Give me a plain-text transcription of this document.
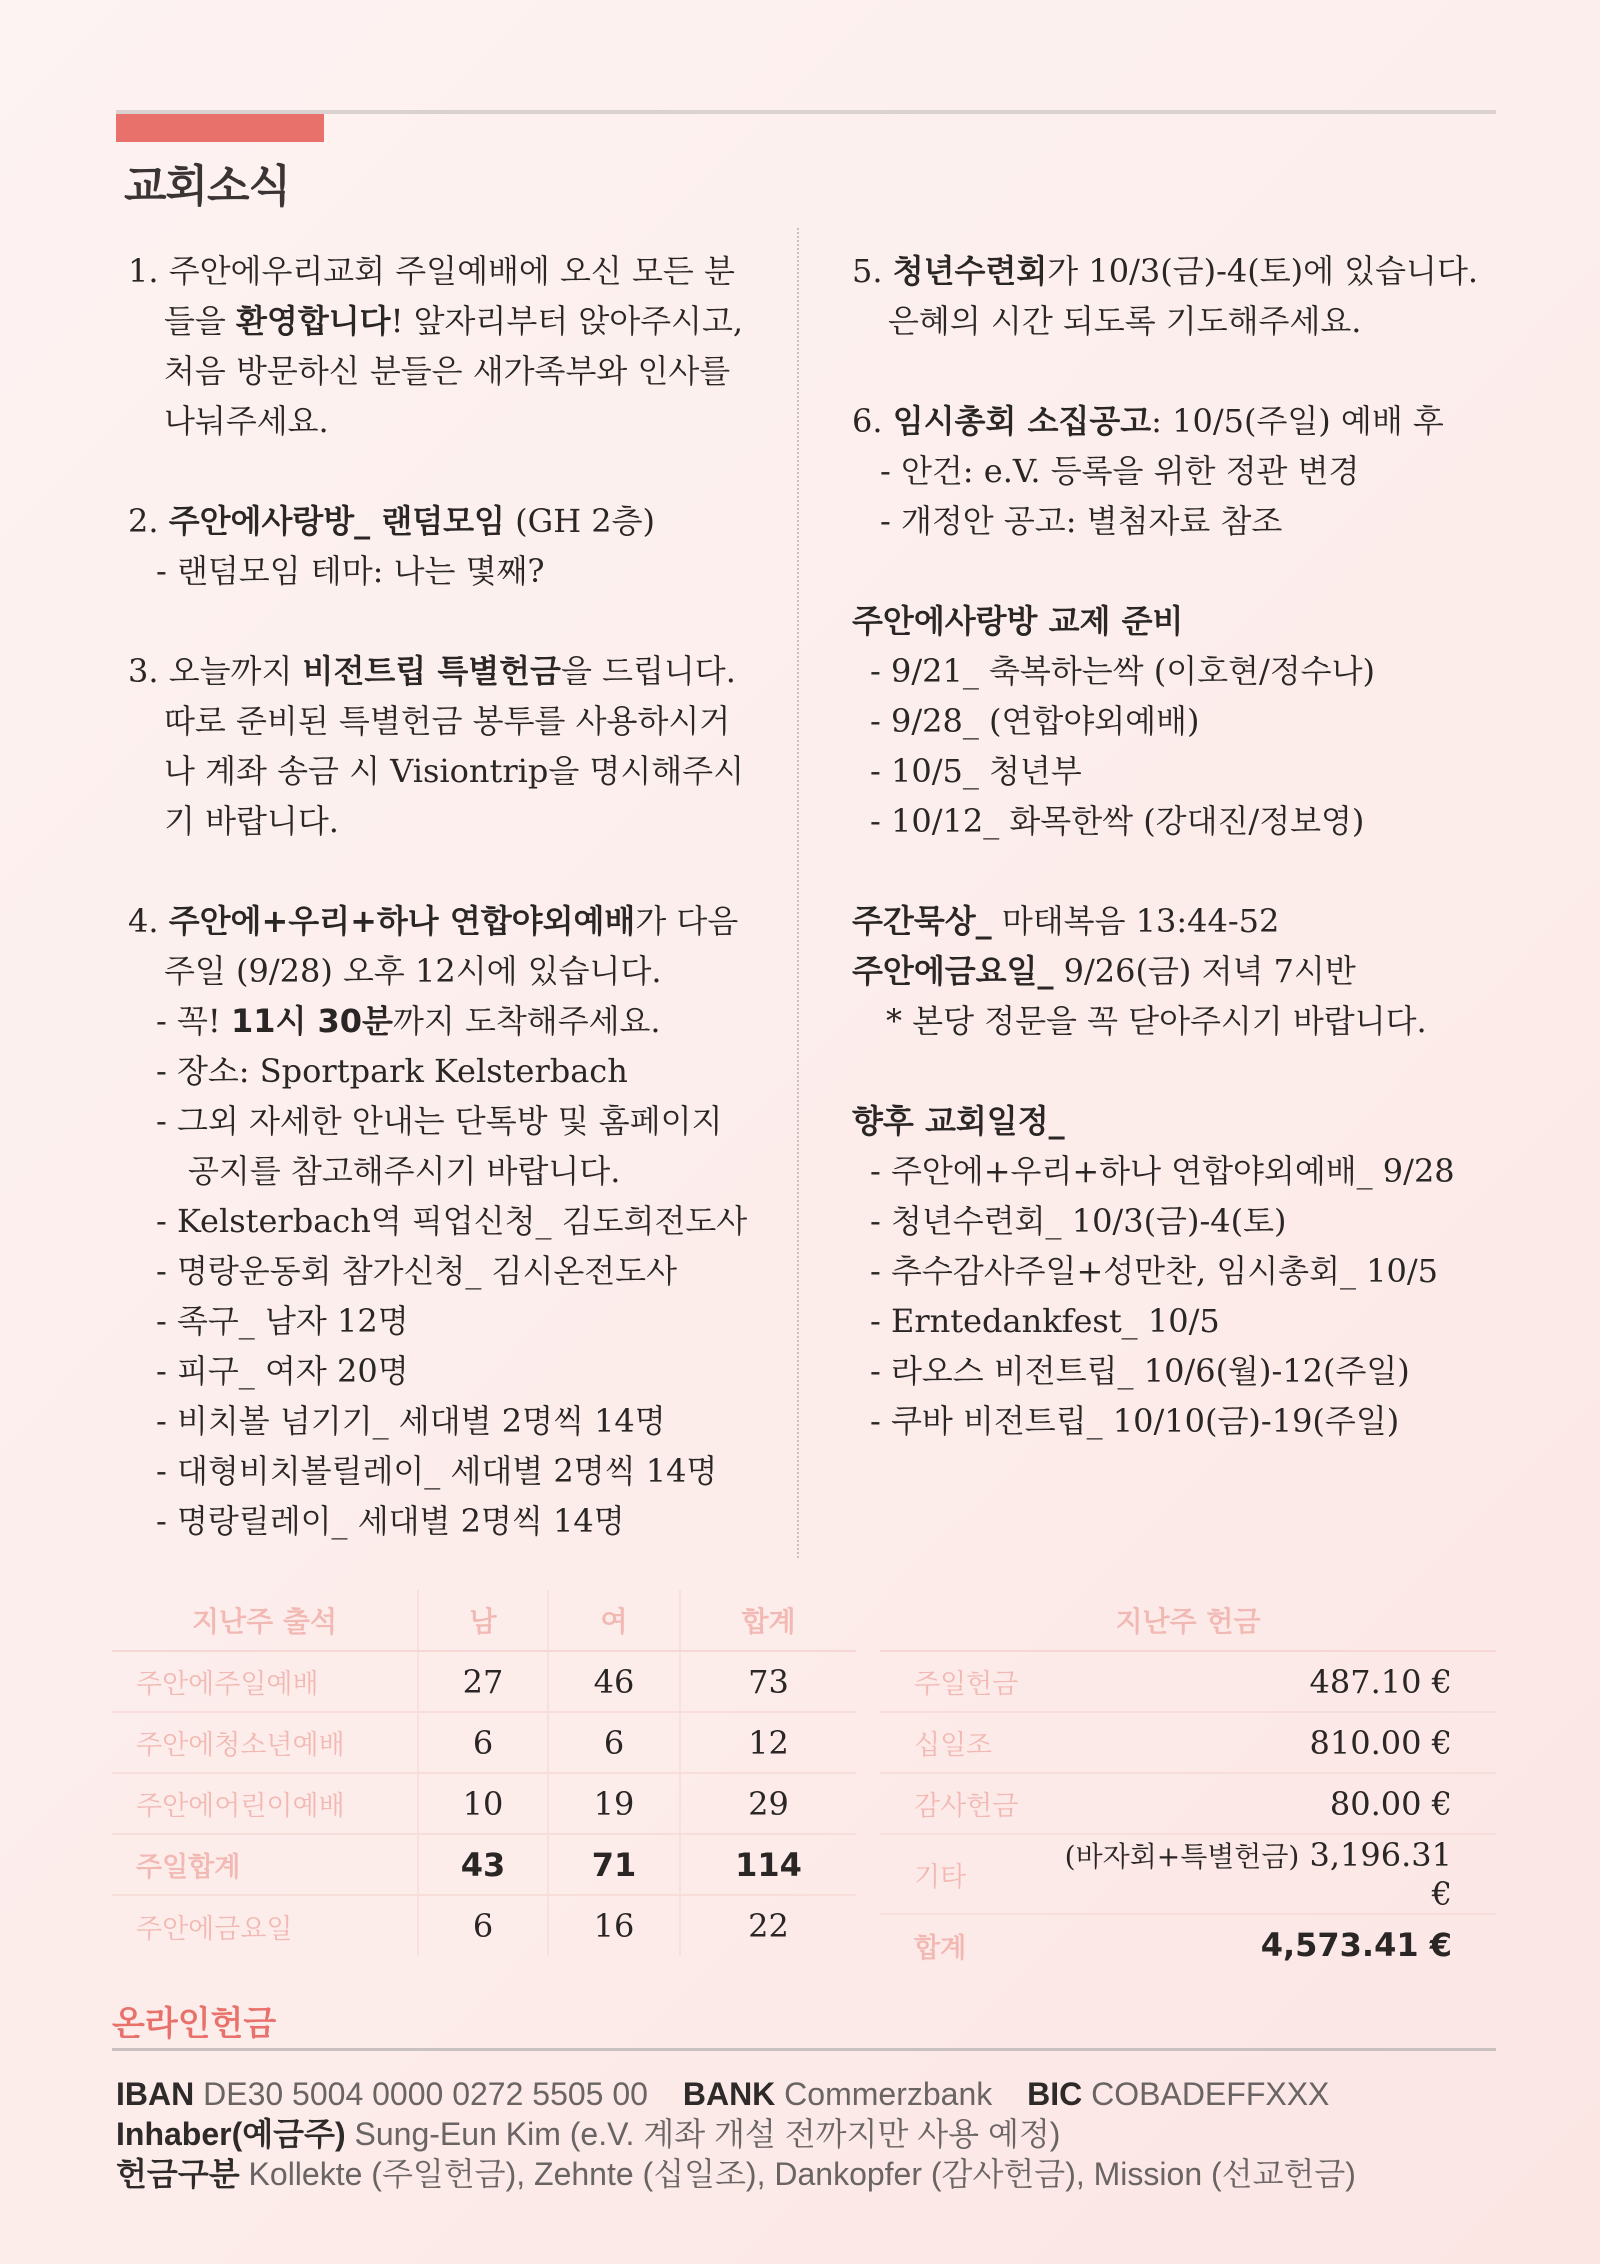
교회소식
1. 주안에우리교회 주일예배에 오신 모든 분
들을 환영합니다! 앞자리부터 앉아주시고,
처음 방문하신 분들은 새가족부와 인사를
나눠주세요.
2. 주안에사랑방_ 랜덤모임 (GH 2층)
- 랜덤모임 테마: 나는 몇째?
3. 오늘까지 비전트립 특별헌금을 드립니다.
따로 준비된 특별헌금 봉투를 사용하시거
나 계좌 송금 시 Visiontrip을 명시해주시
기 바랍니다.
4. 주안에+우리+하나 연합야외예배가 다음
주일 (9/28) 오후 12시에 있습니다.
- 꼭! 11시 30분까지 도착해주세요.
- 장소: Sportpark Kelsterbach
- 그외 자세한 안내는 단톡방 및 홈페이지
공지를 참고해주시기 바랍니다.
- Kelsterbach역 픽업신청_ 김도희전도사
- 명랑운동회 참가신청_ 김시온전도사
- 족구_ 남자 12명
- 피구_ 여자 20명
- 비치볼 넘기기_ 세대별 2명씩 14명
- 대형비치볼릴레이_ 세대별 2명씩 14명
- 명랑릴레이_ 세대별 2명씩 14명
5. 청년수련회가 10/3(금)-4(토)에 있습니다.
은혜의 시간 되도록 기도해주세요.
6. 임시총회 소집공고: 10/5(주일) 예배 후
- 안건: e.V. 등록을 위한 정관 변경
- 개정안 공고: 별첨자료 참조
주안에사랑방 교제 준비
- 9/21_ 축복하는싹 (이호현/정수나)
- 9/28_ (연합야외예배)
- 10/5_ 청년부
- 10/12_ 화목한싹 (강대진/정보영)
주간묵상_ 마태복음 13:44-52
주안에금요일_ 9/26(금) 저녁 7시반
* 본당 정문을 꼭 닫아주시기 바랍니다.
향후 교회일정_
- 주안에+우리+하나 연합야외예배_ 9/28
- 청년수련회_ 10/3(금)-4(토)
- 추수감사주일+성만찬, 임시총회_ 10/5
- Erntedankfest_ 10/5
- 라오스 비전트립_ 10/6(월)-12(주일)
- 쿠바 비전트립_ 10/10(금)-19(주일)
지난주 출석	남	여	합계
주안에주일예배	27	46	73
주안에청소년예배	6	6	12
주안에어린이예배	10	19	29
주일합계	43	71	114
주안에금요일	6	16	22
지난주 헌금	
주일헌금	487.10 €
십일조	810.00 €
감사헌금	80.00 €
기타	(바자회+특별헌금) 3,196.31 €
합계	4,573.41 €
온라인헌금
IBAN DE30 5004 0000 0272 5505 00 BANK Commerzbank BIC COBADEFFXXX
Inhaber(예금주) Sung-Eun Kim (e.V. 계좌 개설 전까지만 사용 예정)
헌금구분 Kollekte (주일헌금), Zehnte (십일조), Dankopfer (감사헌금), Mission (선교헌금)
